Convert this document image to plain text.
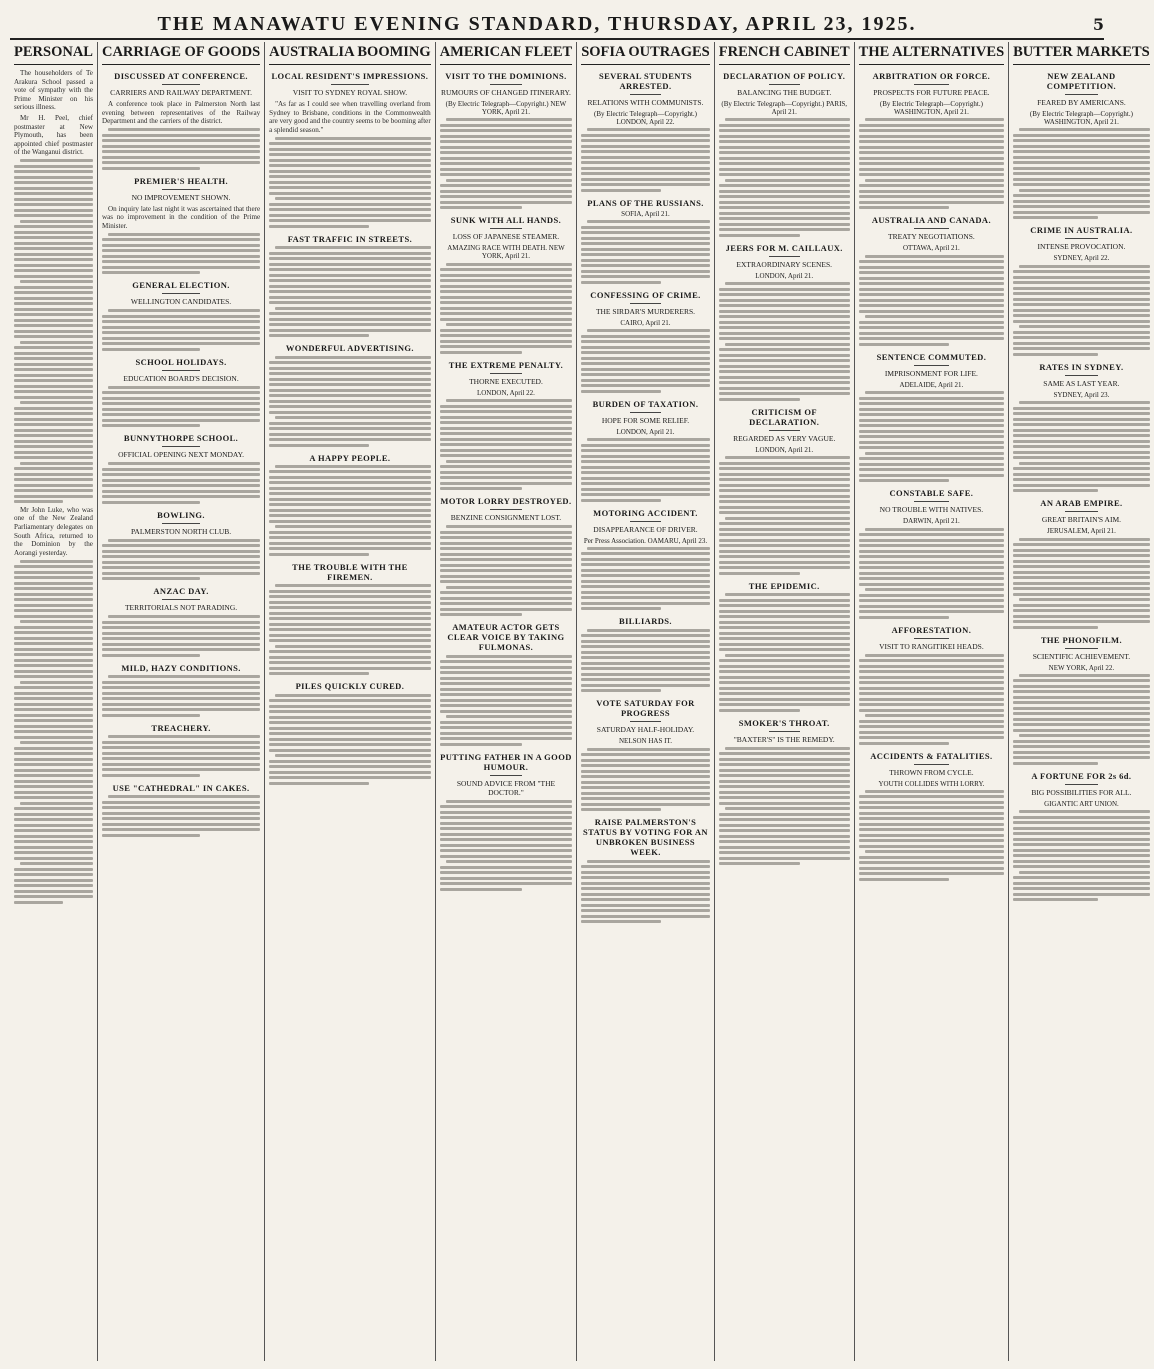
THE MANAWATU EVENING STANDARD, THURSDAY, APRIL 23, 1925.	5
PERSONAL

The householders of Te Arakura School passed a vote of sympathy with the Prime Minister on his serious illness.

Mr H. Peel, chief postmaster at New Plymouth, has been appointed chief postmaster of the Wanganui district.

Mr John Luke, who was one of the New Zealand Parliamentary delegates on South Africa, returned to the Dominion by the Aorangi yesterday.

CARRIAGE OF GOODS
DISCUSSED AT CONFERENCE.
CARRIERS AND RAILWAY DEPARTMENT.

A conference took place in Palmerston North last evening between representatives of the Railway Department and the carriers of the district.

PREMIER'S HEALTH.
NO IMPROVEMENT SHOWN.

On inquiry late last night it was ascertained that there was no improvement in the condition of the Prime Minister.

GENERAL ELECTION.
WELLINGTON CANDIDATES.
SCHOOL HOLIDAYS.
EDUCATION BOARD'S DECISION.
BUNNYTHORPE SCHOOL.
OFFICIAL OPENING NEXT MONDAY.
BOWLING.
PALMERSTON NORTH CLUB.
ANZAC DAY.
TERRITORIALS NOT PARADING.
MILD, HAZY CONDITIONS.
TREACHERY.
USE "CATHEDRAL" IN CAKES.
AUSTRALIA BOOMING
LOCAL RESIDENT'S IMPRESSIONS.
VISIT TO SYDNEY ROYAL SHOW.

"As far as I could see when travelling overland from Sydney to Brisbane, conditions in the Commonwealth are very good and the country seems to be booming after a splendid season."

FAST TRAFFIC IN STREETS.
WONDERFUL ADVERTISING.
A HAPPY PEOPLE.
THE TROUBLE WITH THE FIREMEN.
PILES QUICKLY CURED.
AMERICAN FLEET
VISIT TO THE DOMINIONS.
RUMOURS OF CHANGED ITINERARY.
(By Electric Telegraph—Copyright.) NEW YORK, April 21.
SUNK WITH ALL HANDS.
LOSS OF JAPANESE STEAMER.
AMAZING RACE WITH DEATH. NEW YORK, April 21.
THE EXTREME PENALTY.
THORNE EXECUTED.
LONDON, April 22.
MOTOR LORRY DESTROYED.
BENZINE CONSIGNMENT LOST.
AMATEUR ACTOR GETS CLEAR VOICE BY TAKING FULMONAS.
PUTTING FATHER IN A GOOD HUMOUR.
SOUND ADVICE FROM "THE DOCTOR."
SOFIA OUTRAGES
SEVERAL STUDENTS ARRESTED.
RELATIONS WITH COMMUNISTS.
(By Electric Telegraph—Copyright.) LONDON, April 22.
PLANS OF THE RUSSIANS.
SOFIA, April 21.
CONFESSING OF CRIME.
THE SIRDAR'S MURDERERS.
CAIRO, April 21.
BURDEN OF TAXATION.
HOPE FOR SOME RELIEF.
LONDON, April 21.
MOTORING ACCIDENT.
DISAPPEARANCE OF DRIVER.
Per Press Association. OAMARU, April 23.
BILLIARDS.
VOTE SATURDAY FOR PROGRESS
SATURDAY HALF-HOLIDAY.
NELSON HAS IT.
RAISE PALMERSTON'S STATUS BY VOTING FOR AN UNBROKEN BUSINESS WEEK.
FRENCH CABINET
DECLARATION OF POLICY.
BALANCING THE BUDGET.
(By Electric Telegraph—Copyright.) PARIS, April 21.
JEERS FOR M. CAILLAUX.
EXTRAORDINARY SCENES.
LONDON, April 21.
CRITICISM OF DECLARATION.
REGARDED AS VERY VAGUE.
LONDON, April 21.
THE EPIDEMIC.
SMOKER'S THROAT.
"BAXTER'S" IS THE REMEDY.
THE ALTERNATIVES
ARBITRATION OR FORCE.
PROSPECTS FOR FUTURE PEACE.
(By Electric Telegraph—Copyright.) WASHINGTON, April 21.
AUSTRALIA AND CANADA.
TREATY NEGOTIATIONS.
OTTAWA, April 21.
SENTENCE COMMUTED.
IMPRISONMENT FOR LIFE.
ADELAIDE, April 21.
CONSTABLE SAFE.
NO TROUBLE WITH NATIVES.
DARWIN, April 21.
AFFORESTATION.
VISIT TO RANGITIKEI HEADS.
ACCIDENTS & FATALITIES.
THROWN FROM CYCLE.
YOUTH COLLIDES WITH LORRY.
BUTTER MARKETS
NEW ZEALAND COMPETITION.
FEARED BY AMERICANS.
(By Electric Telegraph—Copyright.) WASHINGTON, April 21.
CRIME IN AUSTRALIA.
INTENSE PROVOCATION.
SYDNEY, April 22.
RATES IN SYDNEY.
SAME AS LAST YEAR.
SYDNEY, April 23.
AN ARAB EMPIRE.
GREAT BRITAIN'S AIM.
JERUSALEM, April 21.
THE PHONOFILM.
SCIENTIFIC ACHIEVEMENT.
NEW YORK, April 22.
A FORTUNE FOR 2s 6d.
BIG POSSIBILITIES FOR ALL.
GIGANTIC ART UNION.
